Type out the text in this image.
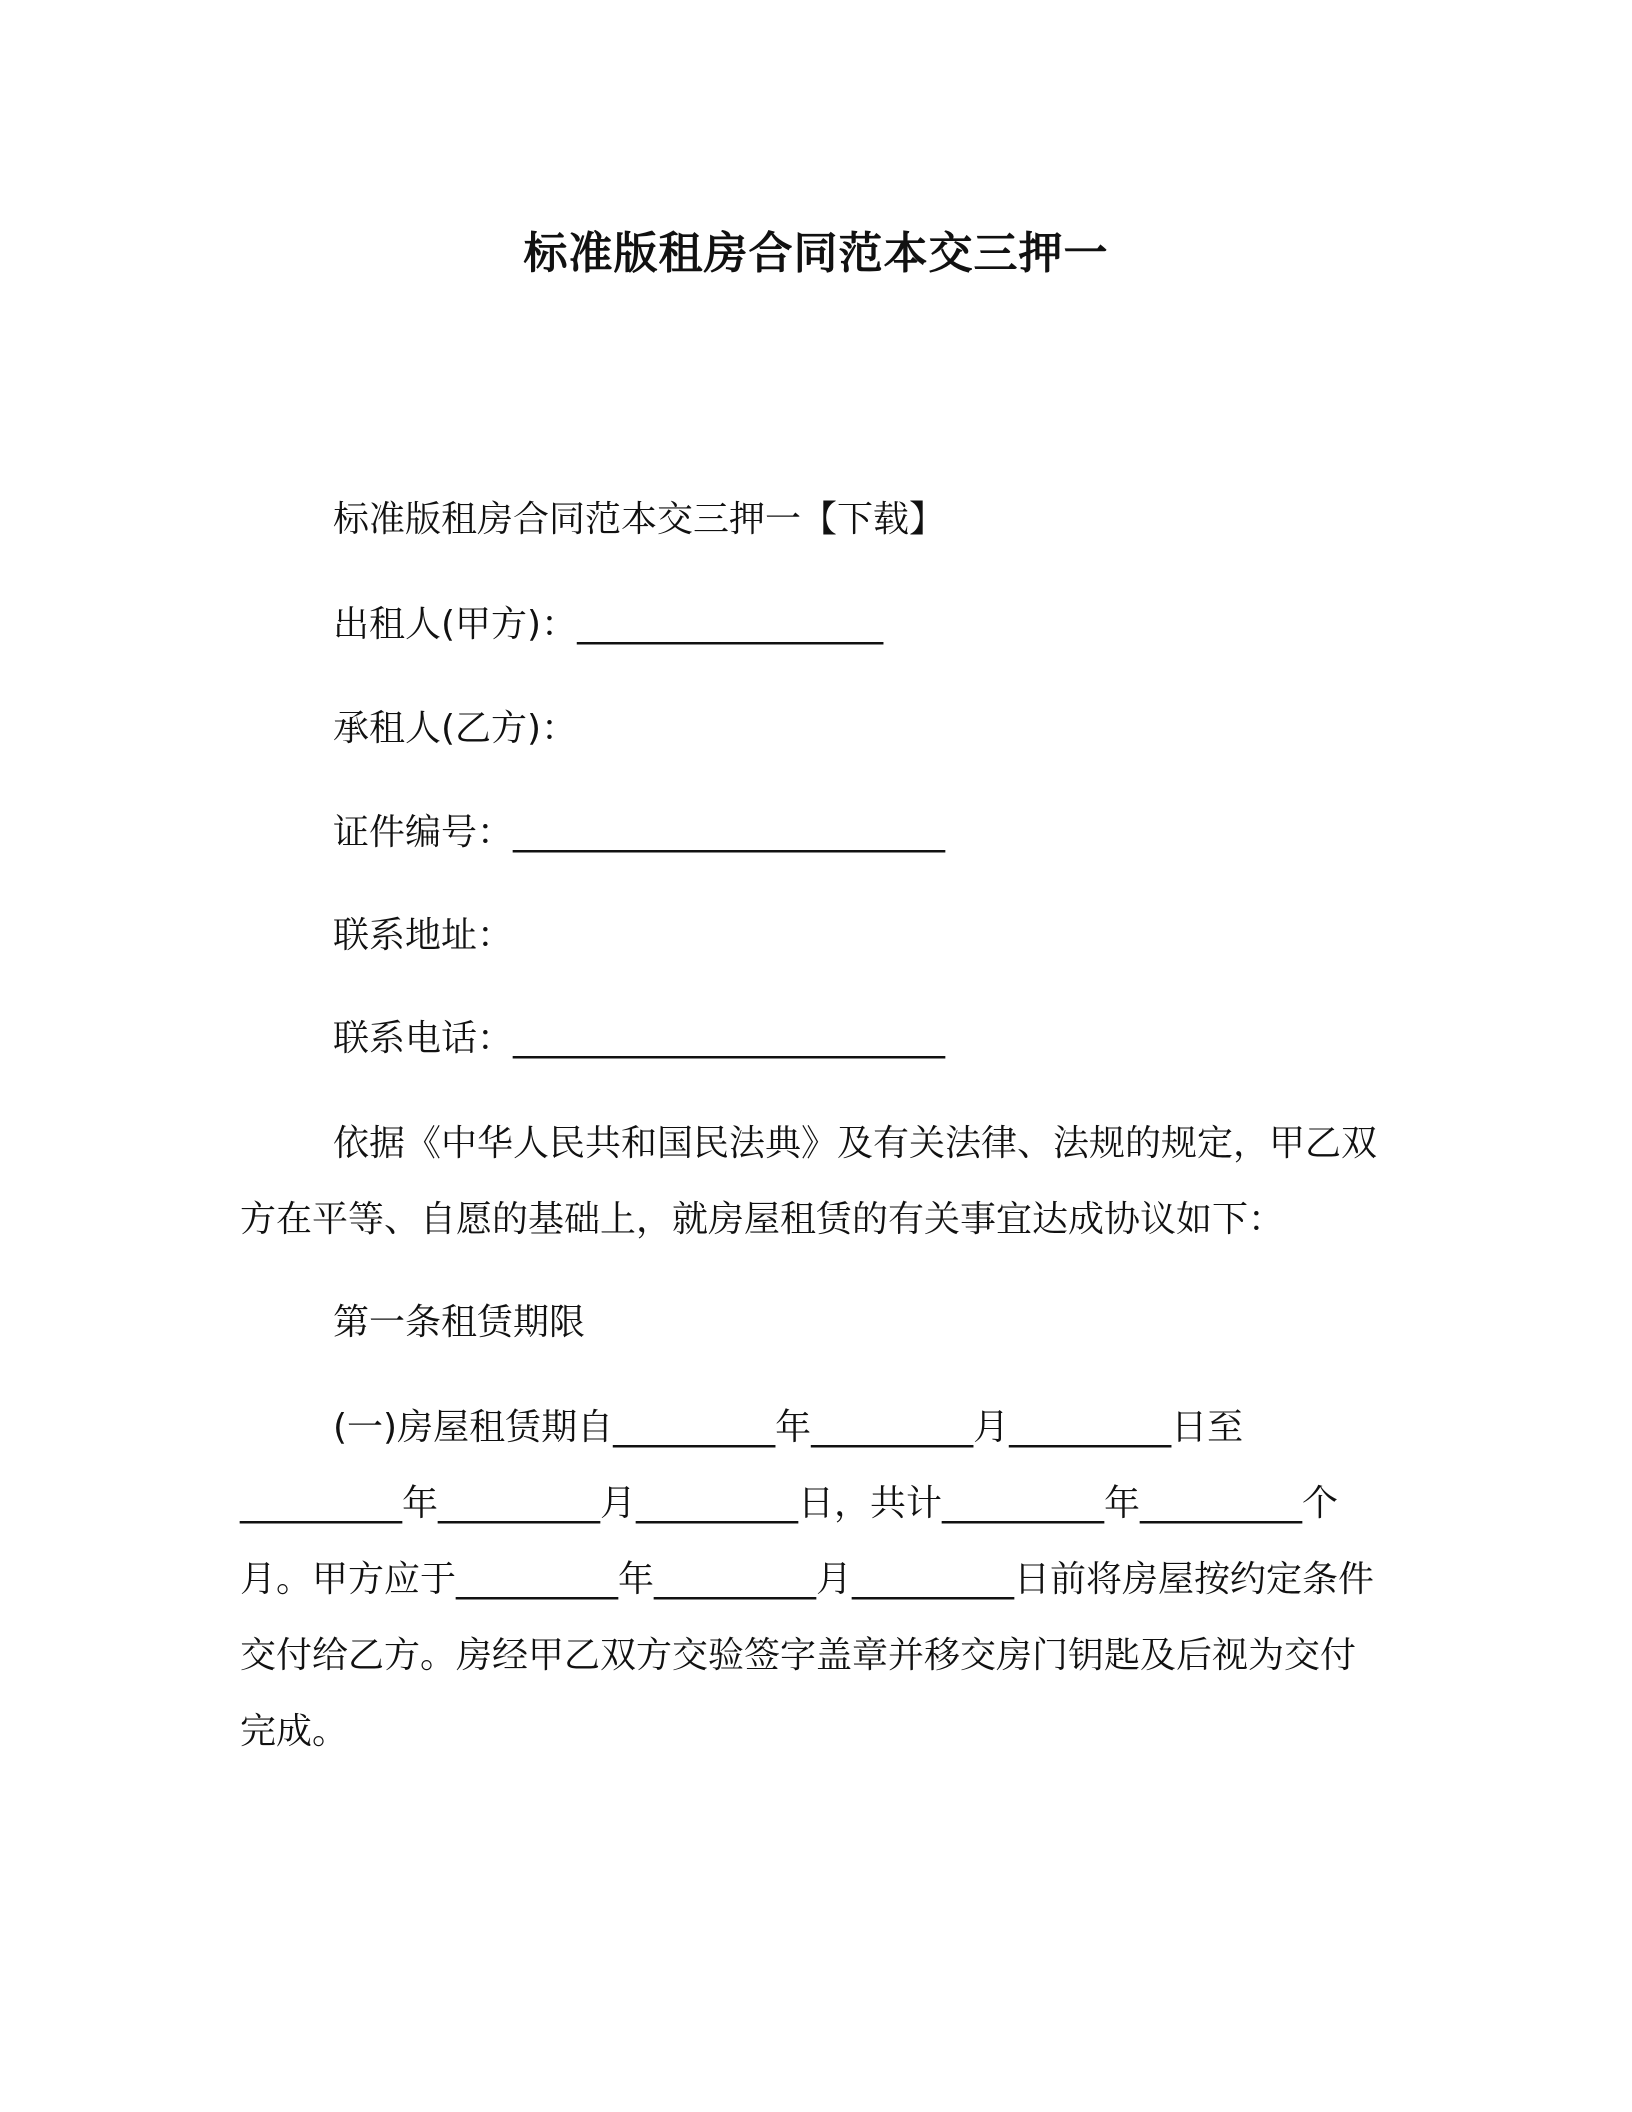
标准版租房合同范本交三押一
标准版租房合同范本交三押一【下载】
出租人(甲方)：_________________
承租人(乙方)：
证件编号：________________________
联系地址：
联系电话：________________________

依据《中华人民共和国民法典》及有关法律、法规的规定，甲乙双方在平等、自愿的基础上，就房屋租赁的有关事宜达成协议如下：

第一条租赁期限

(一)房屋租赁期自_________年_________月_________日至_________年_________月_________日，共计_________年_________个月。甲方应于_________年_________月_________日前将房屋按约定条件交付给乙方。房经甲乙双方交验签字盖章并移交房门钥匙及后视为交付完成。
